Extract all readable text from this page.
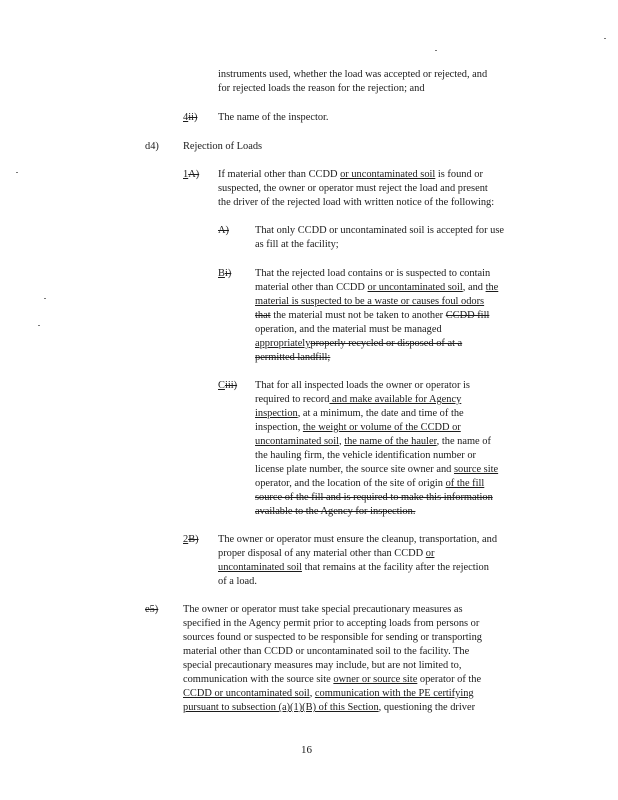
instruments used, whether the load was accepted or rejected, and
for rejected loads the reason for the rejection; and
4ii) The name of the inspector.
d4) Rejection of Loads
1A) If material other than CCDD or uncontaminated soil is found or
suspected, the owner or operator must reject the load and present
the driver of the rejected load with written notice of the following:
A)	That only CCDD or uncontaminated soil is accepted for use
as fill at the facility;
Bi) That the rejected load contains or is suspected to contain
material other than CCDD or uncontaminated soil, and the
material is suspected to be a waste or causes foul odors
that the material must not be taken to another CCDD fill
operation, and the material must be managed
appropriatelyproperly recycled or disposed of at a
permitted landfill;
Ciii) That for all inspected loads the owner or operator is
required to record and make available for Agency
inspection, at a minimum, the date and time of the
inspection, the weight or volume of the CCDD or
uncontaminated soil, the name of the hauler, the name of
the hauling firm, the vehicle identification number or
license plate number, the source site owner and source site
operator, and the location of the site of origin of the fill
source of the fill and is required to make this information
available to the Agency for inspection.
2B) The owner or operator must ensure the cleanup, transportation, and
proper disposal of any material other than CCDD or
uncontaminated soil that remains at the facility after the rejection
of a load.
e5) The owner or operator must take special precautionary measures as
specified in the Agency permit prior to accepting loads from persons or
sources found or suspected to be responsible for sending or transporting
material other than CCDD or uncontaminated soil to the facility. The
special precautionary measures may include, but are not limited to,
communication with the source site owner or source site operator of the
CCDD or uncontaminated soil, communication with the PE certifying
pursuant to subsection (a)(1)(B) of this Section, questioning the driver
16
